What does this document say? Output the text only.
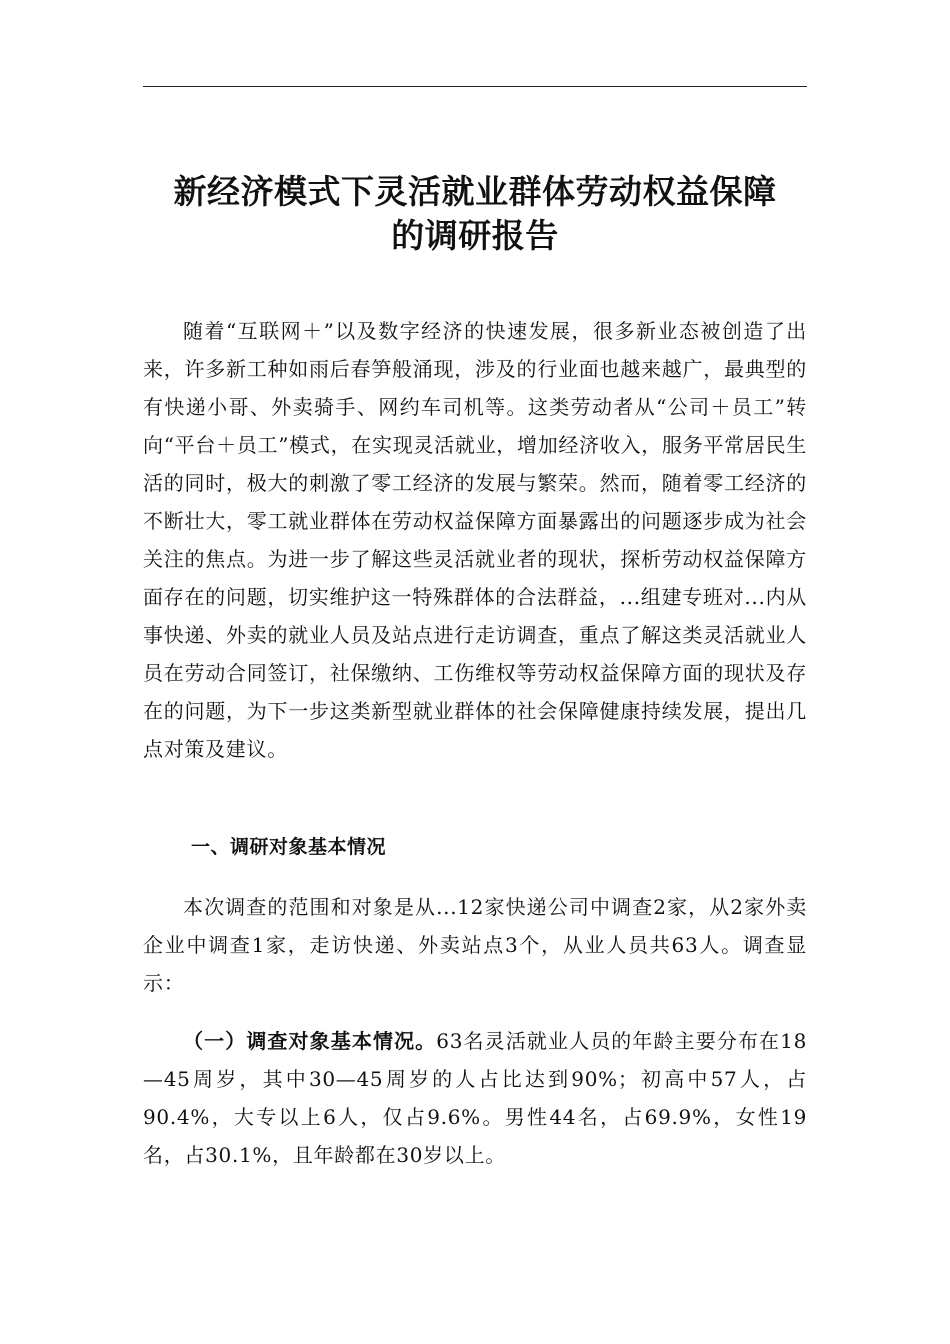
新经济模式下灵活就业群体劳动权益保障
的调研报告

随着“互联网＋”以及数字经济的快速发展，很多新业态被创造了出来，许多新工种如雨后春笋般涌现，涉及的行业面也越来越广，最典型的有快递小哥、外卖骑手、网约车司机等。这类劳动者从“公司＋员工”转向“平台＋员工”模式，在实现灵活就业，增加经济收入，服务平常居民生活的同时，极大的刺激了零工经济的发展与繁荣。然而，随着零工经济的不断壮大，零工就业群体在劳动权益保障方面暴露出的问题逐步成为社会关注的焦点。为进一步了解这些灵活就业者的现状，探析劳动权益保障方面存在的问题，切实维护这一特殊群体的合法群益，...组建专班对...内从事快递、外卖的就业人员及站点进行走访调查，重点了解这类灵活就业人员在劳动合同签订，社保缴纳、工伤维权等劳动权益保障方面的现状及存在的问题，为下一步这类新型就业群体的社会保障健康持续发展，提出几点对策及建议。

一、调研对象基本情况

本次调查的范围和对象是从...12家快递公司中调查2家，从2家外卖企业中调查1家，走访快递、外卖站点3个，从业人员共63人。调查显示：

（一）调查对象基本情况。63名灵活就业人员的年龄主要分布在18—45周岁，其中30—45周岁的人占比达到90%；初高中57人，占90.4%，大专以上6人，仅占9.6%。男性44名，占69.9%，女性19名，占30.1%，且年龄都在30岁以上。
